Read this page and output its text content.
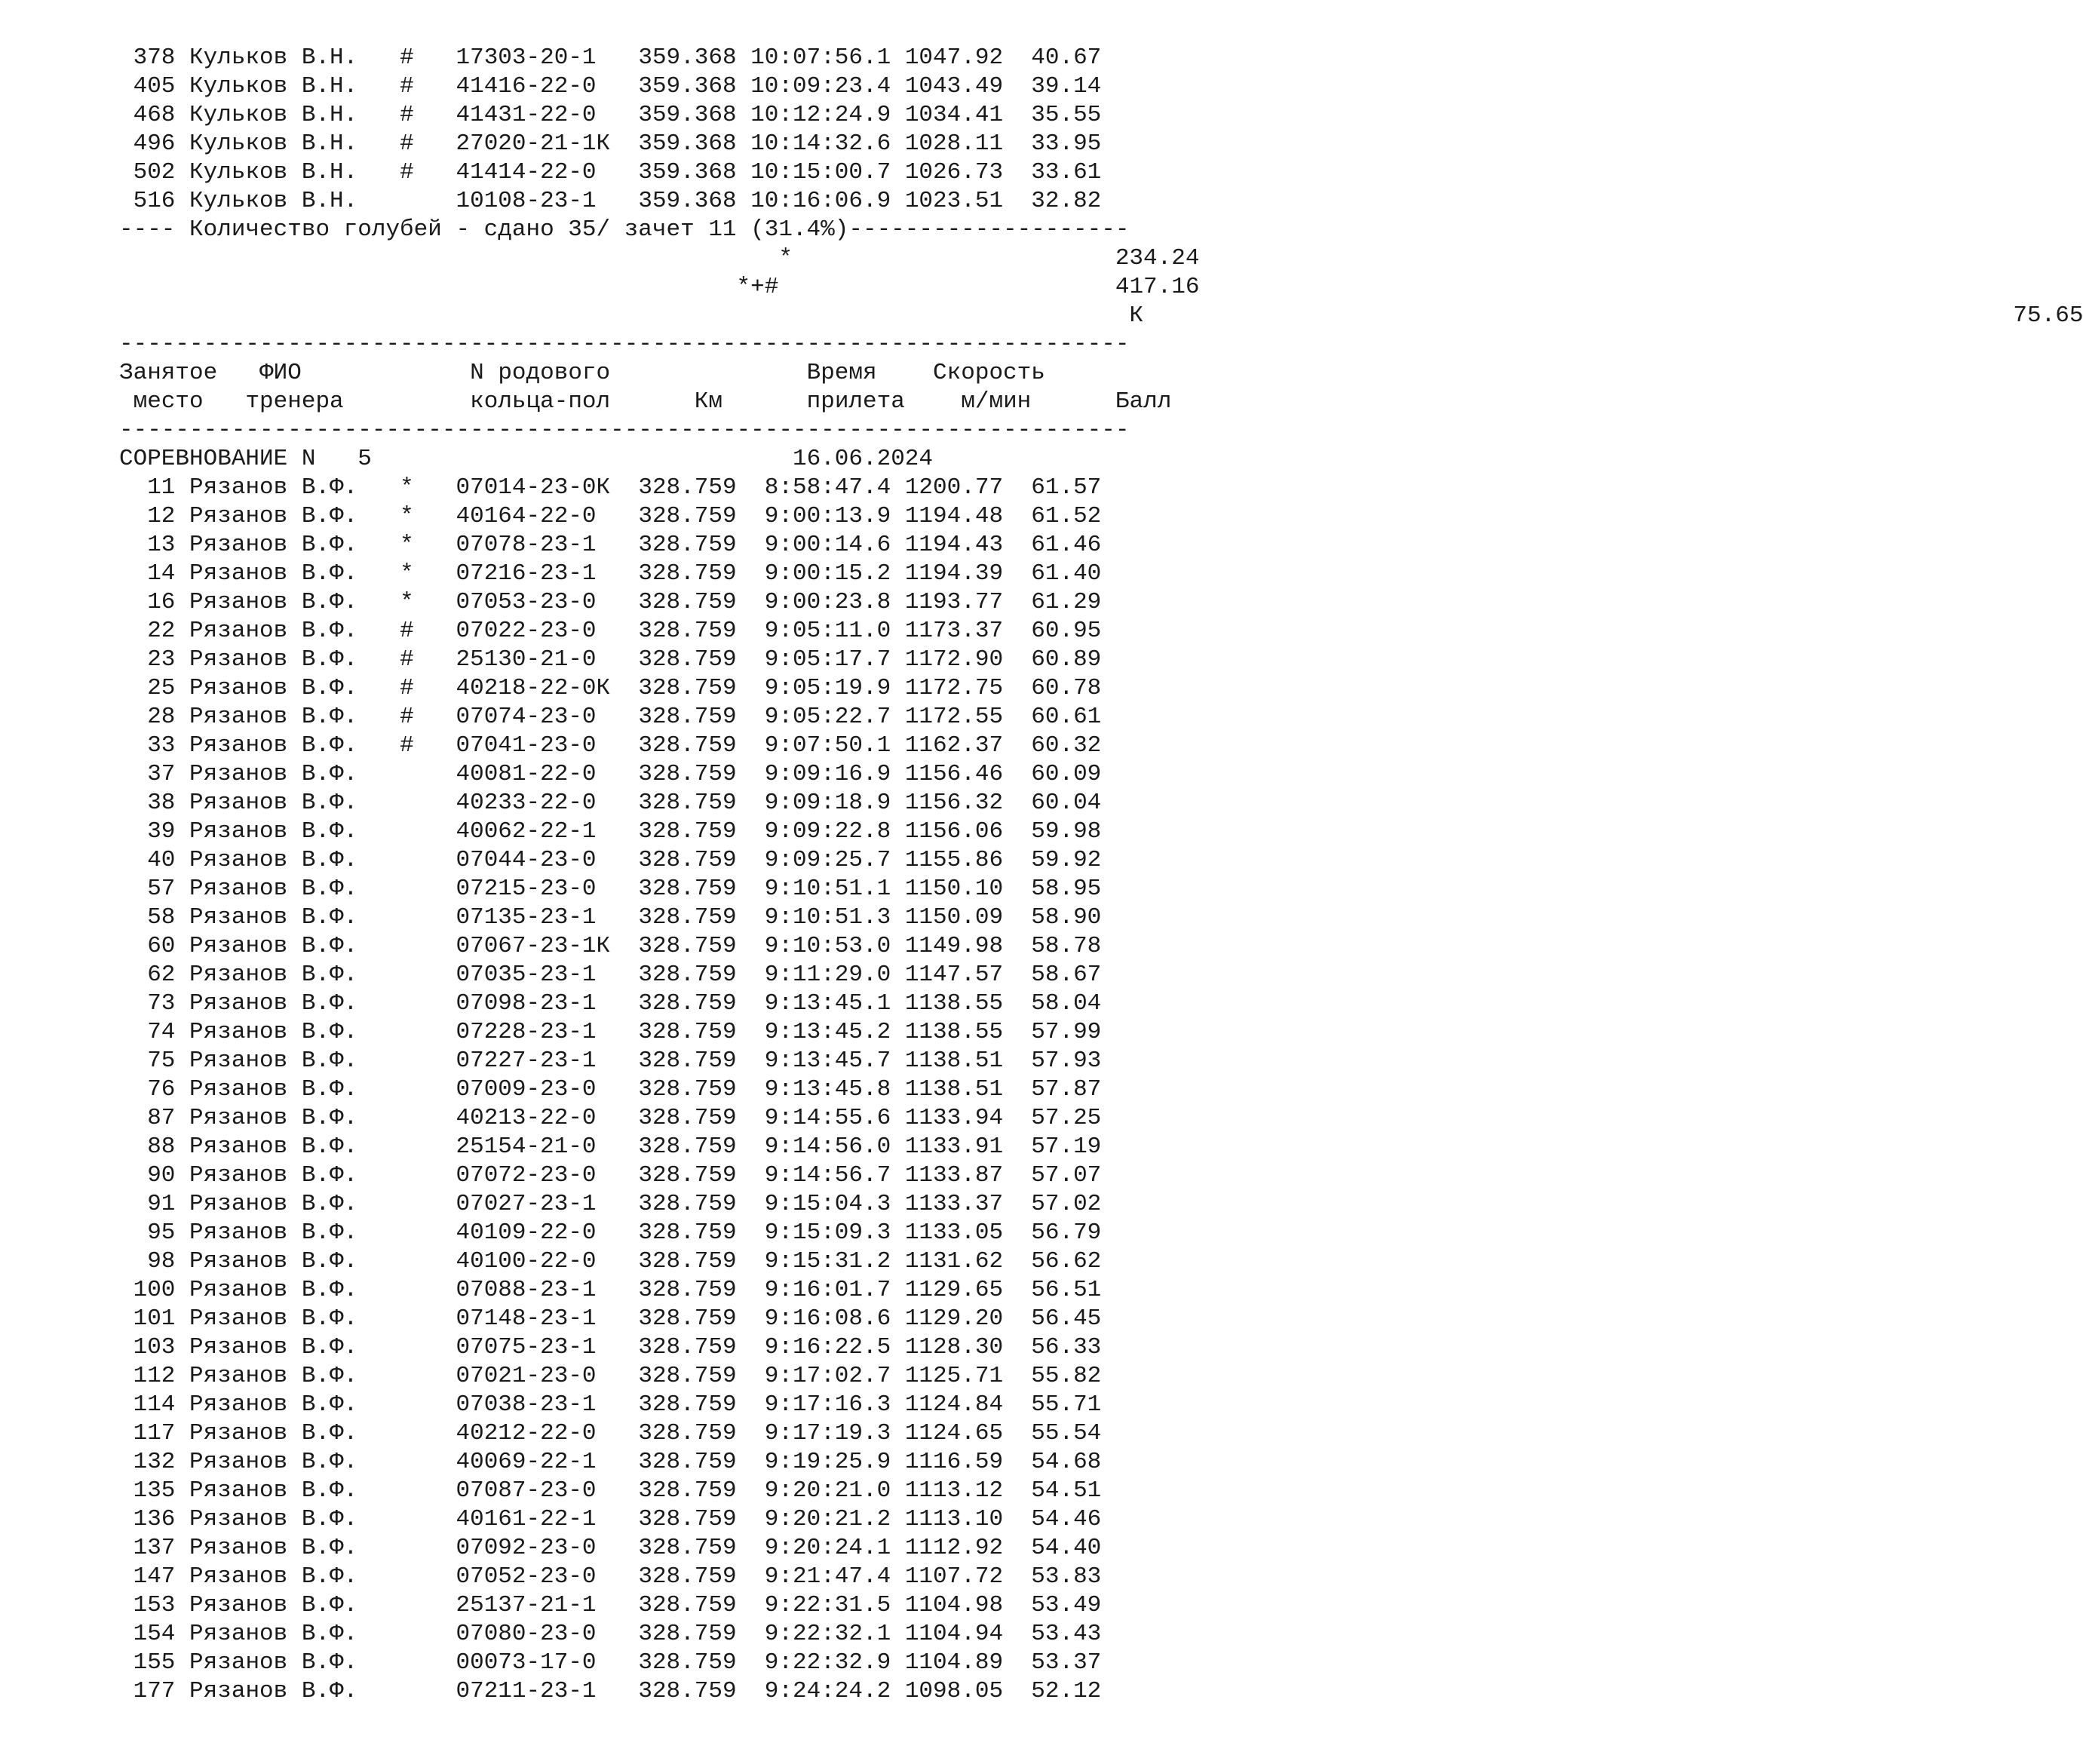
378 Кульков В.Н.   #   17303-20-1   359.368 10:07:56.1 1047.92  40.67
405 Кульков В.Н.   #   41416-22-0   359.368 10:09:23.4 1043.49  39.14
468 Кульков В.Н.   #   41431-22-0   359.368 10:12:24.9 1034.41  35.55
496 Кульков В.Н.   #   27020-21-1К  359.368 10:14:32.6 1028.11  33.95
502 Кульков В.Н.   #   41414-22-0   359.368 10:15:00.7 1026.73  33.61
516 Кульков В.Н.       10108-23-1   359.368 10:16:06.9 1023.51  32.82
---- Количество голубей - сдано 35/ зачет 11 (31.4%)--------------------
*	234.24
*+#	417.16
К	75.65
------------------------------------------------------------------------
Занятое ФИО	N родового	Время Скорость
место тренера	кольца-пол	Км	прилета м/мин	Балл
------------------------------------------------------------------------
СОРЕВНОВАНИЕ N 5	16.06.2024
11 Рязанов В.Ф.   *   07014-23-0К  328.759  8:58:47.4 1200.77  61.57
12 Рязанов В.Ф.   *   40164-22-0   328.759  9:00:13.9 1194.48  61.52
13 Рязанов В.Ф.   *   07078-23-1   328.759  9:00:14.6 1194.43  61.46
14 Рязанов В.Ф.   *   07216-23-1   328.759  9:00:15.2 1194.39  61.40
16 Рязанов В.Ф.   *   07053-23-0   328.759  9:00:23.8 1193.77  61.29
22 Рязанов В.Ф.   #   07022-23-0   328.759  9:05:11.0 1173.37  60.95
23 Рязанов В.Ф.   #   25130-21-0   328.759  9:05:17.7 1172.90  60.89
25 Рязанов В.Ф.   #   40218-22-0К  328.759  9:05:19.9 1172.75  60.78
28 Рязанов В.Ф.   #   07074-23-0   328.759  9:05:22.7 1172.55  60.61
33 Рязанов В.Ф.   #   07041-23-0   328.759  9:07:50.1 1162.37  60.32
37 Рязанов В.Ф.       40081-22-0   328.759  9:09:16.9 1156.46  60.09
38 Рязанов В.Ф.       40233-22-0   328.759  9:09:18.9 1156.32  60.04
39 Рязанов В.Ф.       40062-22-1   328.759  9:09:22.8 1156.06  59.98
40 Рязанов В.Ф.       07044-23-0   328.759  9:09:25.7 1155.86  59.92
57 Рязанов В.Ф.       07215-23-0   328.759  9:10:51.1 1150.10  58.95
58 Рязанов В.Ф.       07135-23-1   328.759  9:10:51.3 1150.09  58.90
60 Рязанов В.Ф.       07067-23-1К  328.759  9:10:53.0 1149.98  58.78
62 Рязанов В.Ф.       07035-23-1   328.759  9:11:29.0 1147.57  58.67
73 Рязанов В.Ф.       07098-23-1   328.759  9:13:45.1 1138.55  58.04
74 Рязанов В.Ф.       07228-23-1   328.759  9:13:45.2 1138.55  57.99
75 Рязанов В.Ф.       07227-23-1   328.759  9:13:45.7 1138.51  57.93
76 Рязанов В.Ф.       07009-23-0   328.759  9:13:45.8 1138.51  57.87
87 Рязанов В.Ф.       40213-22-0   328.759  9:14:55.6 1133.94  57.25
88 Рязанов В.Ф.       25154-21-0   328.759  9:14:56.0 1133.91  57.19
90 Рязанов В.Ф.       07072-23-0   328.759  9:14:56.7 1133.87  57.07
91 Рязанов В.Ф.       07027-23-1   328.759  9:15:04.3 1133.37  57.02
95 Рязанов В.Ф.       40109-22-0   328.759  9:15:09.3 1133.05  56.79
98 Рязанов В.Ф.       40100-22-0   328.759  9:15:31.2 1131.62  56.62
100 Рязанов В.Ф.       07088-23-1   328.759  9:16:01.7 1129.65  56.51
101 Рязанов В.Ф.       07148-23-1   328.759  9:16:08.6 1129.20  56.45
103 Рязанов В.Ф.       07075-23-1   328.759  9:16:22.5 1128.30  56.33
112 Рязанов В.Ф.       07021-23-0   328.759  9:17:02.7 1125.71  55.82
114 Рязанов В.Ф.       07038-23-1   328.759  9:17:16.3 1124.84  55.71
117 Рязанов В.Ф.       40212-22-0   328.759  9:17:19.3 1124.65  55.54
132 Рязанов В.Ф.       40069-22-1   328.759  9:19:25.9 1116.59  54.68
135 Рязанов В.Ф.       07087-23-0   328.759  9:20:21.0 1113.12  54.51
136 Рязанов В.Ф.       40161-22-1   328.759  9:20:21.2 1113.10  54.46
137 Рязанов В.Ф.       07092-23-0   328.759  9:20:24.1 1112.92  54.40
147 Рязанов В.Ф.       07052-23-0   328.759  9:21:47.4 1107.72  53.83
153 Рязанов В.Ф.       25137-21-1   328.759  9:22:31.5 1104.98  53.49
154 Рязанов В.Ф.       07080-23-0   328.759  9:22:32.1 1104.94  53.43
155 Рязанов В.Ф.       00073-17-0   328.759  9:22:32.9 1104.89  53.37
177 Рязанов В.Ф.       07211-23-1   328.759  9:24:24.2 1098.05  52.12
